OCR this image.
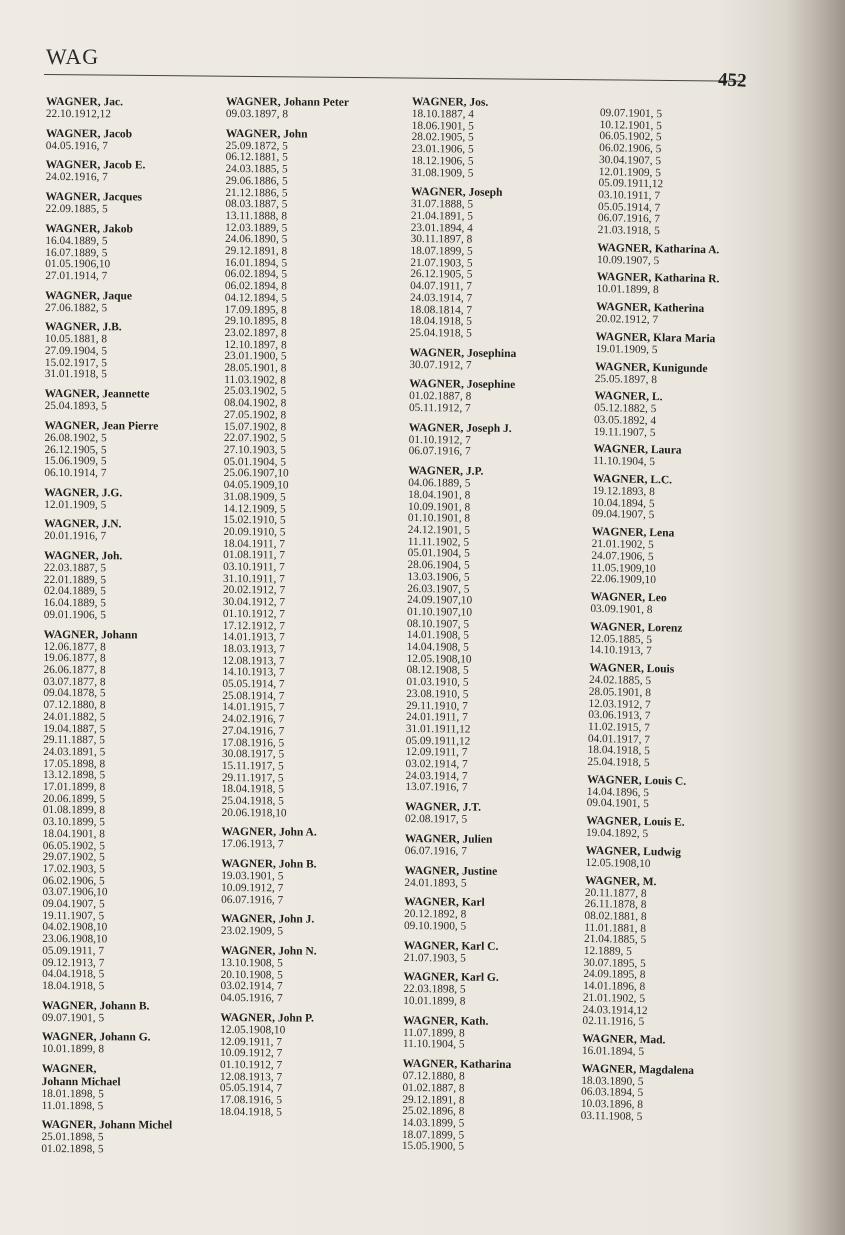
WAG
452
WAGNER, Jac.
22.10.1912,12
WAGNER, Jacob
04.05.1916, 7
WAGNER, Jacob E.
24.02.1916, 7
WAGNER, Jacques
22.09.1885, 5
WAGNER, Jakob
16.04.1889, 5
16.07.1889, 5
01.05.1906,10
27.01.1914, 7
WAGNER, Jaque
27.06.1882, 5
WAGNER, J.B.
10.05.1881, 8
27.09.1904, 5
15.02.1917, 5
31.01.1918, 5
WAGNER, Jeannette
25.04.1893, 5
WAGNER, Jean Pierre
26.08.1902, 5
26.12.1905, 5
15.06.1909, 5
06.10.1914, 7
WAGNER, J.G.
12.01.1909, 5
WAGNER, J.N.
20.01.1916, 7
WAGNER, Joh.
22.03.1887, 5
22.01.1889, 5
02.04.1889, 5
16.04.1889, 5
09.01.1906, 5
WAGNER, Johann
12.06.1877, 8
19.06.1877, 8
26.06.1877, 8
03.07.1877, 8
09.04.1878, 5
07.12.1880, 8
24.01.1882, 5
19.04.1887, 5
29.11.1887, 5
24.03.1891, 5
17.05.1898, 8
13.12.1898, 5
17.01.1899, 8
20.06.1899, 5
01.08.1899, 8
03.10.1899, 5
18.04.1901, 8
06.05.1902, 5
29.07.1902, 5
17.02.1903, 5
06.02.1906, 5
03.07.1906,10
09.04.1907, 5
19.11.1907, 5
04.02.1908,10
23.06.1908,10
05.09.1911, 7
09.12.1913, 7
04.04.1918, 5
18.04.1918, 5
WAGNER, Johann B.
09.07.1901, 5
WAGNER, Johann G.
10.01.1899, 8
WAGNER,
Johann Michael
18.01.1898, 5
11.01.1898, 5
WAGNER, Johann Michel
25.01.1898, 5
01.02.1898, 5
WAGNER, Johann Peter
09.03.1897, 8
WAGNER, John
25.09.1872, 5
06.12.1881, 5
24.03.1885, 5
29.06.1886, 5
21.12.1886, 5
08.03.1887, 5
13.11.1888, 8
12.03.1889, 5
24.06.1890, 5
29.12.1891, 8
16.01.1894, 5
06.02.1894, 5
06.02.1894, 8
04.12.1894, 5
17.09.1895, 8
29.10.1895, 8
23.02.1897, 8
12.10.1897, 8
23.01.1900, 5
28.05.1901, 8
11.03.1902, 8
25.03.1902, 5
08.04.1902, 8
27.05.1902, 8
15.07.1902, 8
22.07.1902, 5
27.10.1903, 5
05.01.1904, 5
25.06.1907,10
04.05.1909,10
31.08.1909, 5
14.12.1909, 5
15.02.1910, 5
20.09.1910, 5
18.04.1911, 7
01.08.1911, 7
03.10.1911, 7
31.10.1911, 7
20.02.1912, 7
30.04.1912, 7
01.10.1912, 7
17.12.1912, 7
14.01.1913, 7
18.03.1913, 7
12.08.1913, 7
14.10.1913, 7
05.05.1914, 7
25.08.1914, 7
14.01.1915, 7
24.02.1916, 7
27.04.1916, 7
17.08.1916, 5
30.08.1917, 5
15.11.1917, 5
29.11.1917, 5
18.04.1918, 5
25.04.1918, 5
20.06.1918,10
WAGNER, John A.
17.06.1913, 7
WAGNER, John B.
19.03.1901, 5
10.09.1912, 7
06.07.1916, 7
WAGNER, John J.
23.02.1909, 5
WAGNER, John N.
13.10.1908, 5
20.10.1908, 5
03.02.1914, 7
04.05.1916, 7
WAGNER, John P.
12.05.1908,10
12.09.1911, 7
10.09.1912, 7
01.10.1912, 7
12.08.1913, 7
05.05.1914, 7
17.08.1916, 5
18.04.1918, 5
WAGNER, Jos.
18.10.1887, 4
18.06.1901, 5
28.02.1905, 5
23.01.1906, 5
18.12.1906, 5
31.08.1909, 5
WAGNER, Joseph
31.07.1888, 5
21.04.1891, 5
23.01.1894, 4
30.11.1897, 8
18.07.1899, 5
21.07.1903, 5
26.12.1905, 5
04.07.1911, 7
24.03.1914, 7
18.08.1814, 7
18.04.1918, 5
25.04.1918, 5
WAGNER, Josephina
30.07.1912, 7
WAGNER, Josephine
01.02.1887, 8
05.11.1912, 7
WAGNER, Joseph J.
01.10.1912, 7
06.07.1916, 7
WAGNER, J.P.
04.06.1889, 5
18.04.1901, 8
10.09.1901, 8
01.10.1901, 8
24.12.1901, 5
11.11.1902, 5
05.01.1904, 5
28.06.1904, 5
13.03.1906, 5
26.03.1907, 5
24.09.1907,10
01.10.1907,10
08.10.1907, 5
14.01.1908, 5
14.04.1908, 5
12.05.1908,10
08.12.1908, 5
01.03.1910, 5
23.08.1910, 5
29.11.1910, 7
24.01.1911, 7
31.01.1911,12
05.09.1911,12
12.09.1911, 7
03.02.1914, 7
24.03.1914, 7
13.07.1916, 7
WAGNER, J.T.
02.08.1917, 5
WAGNER, Julien
06.07.1916, 7
WAGNER, Justine
24.01.1893, 5
WAGNER, Karl
20.12.1892, 8
09.10.1900, 5
WAGNER, Karl C.
21.07.1903, 5
WAGNER, Karl G.
22.03.1898, 5
10.01.1899, 8
WAGNER, Kath.
11.07.1899, 8
11.10.1904, 5
WAGNER, Katharina
07.12.1880, 8
01.02.1887, 8
29.12.1891, 8
25.02.1896, 8
14.03.1899, 5
18.07.1899, 5
15.05.1900, 5
09.07.1901, 5
10.12.1901, 5
06.05.1902, 5
06.02.1906, 5
30.04.1907, 5
12.01.1909, 5
05.09.1911,12
03.10.1911, 7
05.05.1914, 7
06.07.1916, 7
21.03.1918, 5
WAGNER, Katharina A.
10.09.1907, 5
WAGNER, Katharina R.
10.01.1899, 8
WAGNER, Katherina
20.02.1912, 7
WAGNER, Klara Maria
19.01.1909, 5
WAGNER, Kunigunde
25.05.1897, 8
WAGNER, L.
05.12.1882, 5
03.05.1892, 4
19.11.1907, 5
WAGNER, Laura
11.10.1904, 5
WAGNER, L.C.
19.12.1893, 8
10.04.1894, 5
09.04.1907, 5
WAGNER, Lena
21.01.1902, 5
24.07.1906, 5
11.05.1909,10
22.06.1909,10
WAGNER, Leo
03.09.1901, 8
WAGNER, Lorenz
12.05.1885, 5
14.10.1913, 7
WAGNER, Louis
24.02.1885, 5
28.05.1901, 8
12.03.1912, 7
03.06.1913, 7
11.02.1915, 7
04.01.1917, 7
18.04.1918, 5
25.04.1918, 5
WAGNER, Louis C.
14.04.1896, 5
09.04.1901, 5
WAGNER, Louis E.
19.04.1892, 5
WAGNER, Ludwig
12.05.1908,10
WAGNER, M.
20.11.1877, 8
26.11.1878, 8
08.02.1881, 8
11.01.1881, 8
21.04.1885, 5
12.1889, 5
30.07.1895, 5
24.09.1895, 8
14.01.1896, 8
21.01.1902, 5
24.03.1914,12
02.11.1916, 5
WAGNER, Mad.
16.01.1894, 5
WAGNER, Magdalena
18.03.1890, 5
06.03.1894, 5
10.03.1896, 8
03.11.1908, 5
